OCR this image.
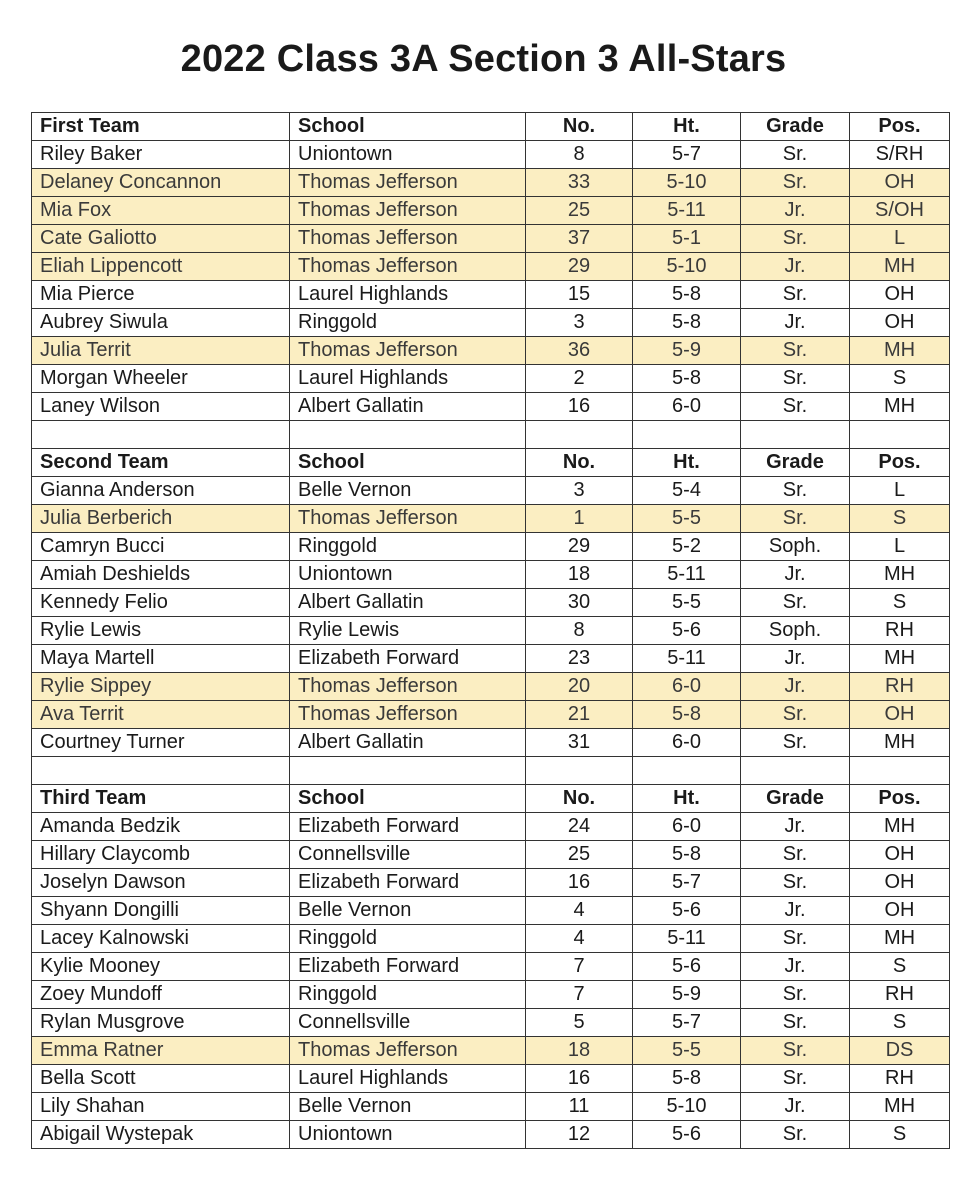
2022 Class 3A Section 3 All-Stars
First Team	School	No.	Ht.	Grade	Pos.
Riley Baker	Uniontown	8	5-7	Sr.	S/RH
Delaney Concannon	Thomas Jefferson	33	5-10	Sr.	OH
Mia Fox	Thomas Jefferson	25	5-11	Jr.	S/OH
Cate Galiotto	Thomas Jefferson	37	5-1	Sr.	L
Eliah Lippencott	Thomas Jefferson	29	5-10	Jr.	MH
Mia Pierce	Laurel Highlands	15	5-8	Sr.	OH
Aubrey Siwula	Ringgold	3	5-8	Jr.	OH
Julia Territ	Thomas Jefferson	36	5-9	Sr.	MH
Morgan Wheeler	Laurel Highlands	2	5-8	Sr.	S
Laney Wilson	Albert Gallatin	16	6-0	Sr.	MH

Second Team	School	No.	Ht.	Grade	Pos.
Gianna Anderson	Belle Vernon	3	5-4	Sr.	L
Julia Berberich	Thomas Jefferson	1	5-5	Sr.	S
Camryn Bucci	Ringgold	29	5-2	Soph.	L
Amiah Deshields	Uniontown	18	5-11	Jr.	MH
Kennedy Felio	Albert Gallatin	30	5-5	Sr.	S
Rylie Lewis	Rylie Lewis	8	5-6	Soph.	RH
Maya Martell	Elizabeth Forward	23	5-11	Jr.	MH
Rylie Sippey	Thomas Jefferson	20	6-0	Jr.	RH
Ava Territ	Thomas Jefferson	21	5-8	Sr.	OH
Courtney Turner	Albert Gallatin	31	6-0	Sr.	MH

Third Team	School	No.	Ht.	Grade	Pos.
Amanda Bedzik	Elizabeth Forward	24	6-0	Jr.	MH
Hillary Claycomb	Connellsville	25	5-8	Sr.	OH
Joselyn Dawson	Elizabeth Forward	16	5-7	Sr.	OH
Shyann Dongilli	Belle Vernon	4	5-6	Jr.	OH
Lacey Kalnowski	Ringgold	4	5-11	Sr.	MH
Kylie Mooney	Elizabeth Forward	7	5-6	Jr.	S
Zoey Mundoff	Ringgold	7	5-9	Sr.	RH
Rylan Musgrove	Connellsville	5	5-7	Sr.	S
Emma Ratner	Thomas Jefferson	18	5-5	Sr.	DS
Bella Scott	Laurel Highlands	16	5-8	Sr.	RH
Lily Shahan	Belle Vernon	11	5-10	Jr.	MH
Abigail Wystepak	Uniontown	12	5-6	Sr.	S
